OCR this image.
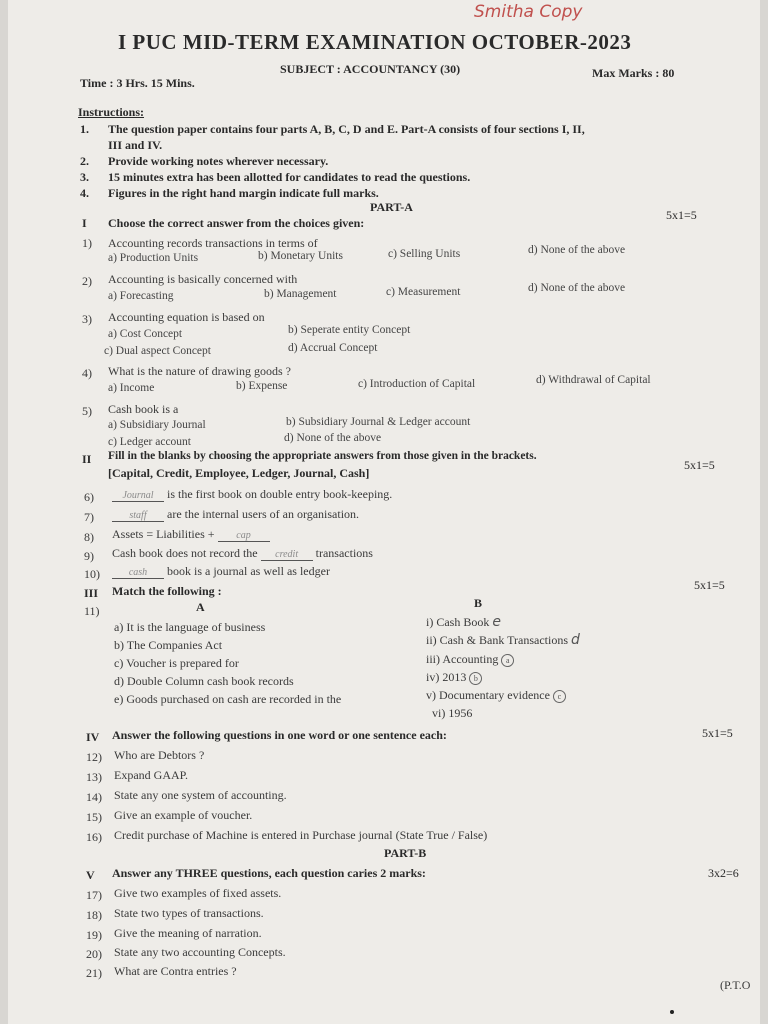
Smitha Copy
I PUC MID-TERM EXAMINATION OCTOBER-2023
SUBJECT : ACCOUNTANCY (30)
Time : 3 Hrs. 15 Mins.
Max Marks : 80
Instructions:
1. The question paper contains four parts A, B, C, D and E. Part-A consists of four sections I, II,
III and IV.
2. Provide working notes wherever necessary.
3. 15 minutes extra has been allotted for candidates to read the questions.
4. Figures in the right hand margin indicate full marks.
PART-A
I Choose the correct answer from the choices given:
5x1=5
1) Accounting records transactions in terms of
a) Production Units	b) Monetary Units	c) Selling Units	d) None of the above
2) Accounting is basically concerned with
a) Forecasting	b) Management	c) Measurement	d) None of the above
3) Accounting equation is based on
a) Cost Concept	b) Seperate entity Concept
c) Dual aspect Concept	d) Accrual Concept
4) What is the nature of drawing goods ?
a) Income	b) Expense	c) Introduction of Capital	d) Withdrawal of Capital
5) Cash book is a
a) Subsidiary Journal	b) Subsidiary Journal & Ledger account
c) Ledger account	d) None of the above
II Fill in the blanks by choosing the appropriate answers from those given in the brackets.
[Capital, Credit, Employee, Ledger, Journal, Cash]
5x1=5
6)	Journal is the first book on double entry book-keeping.
7)	staff are the internal users of an organisation.
8) Assets = Liabilities + cap
9) Cash book does not record the credit transactions
10)	cash book is a journal as well as ledger
III Match the following :	5x1=5
11)	A	B
a) It is the language of business
b) The Companies Act
c) Voucher is prepared for
d) Double Column cash book records
e) Goods purchased on cash are recorded in the
i) Cash Book e
ii) Cash & Bank Transactions d
iii) Accounting a
iv) 2013 b
v) Documentary evidence c
vi) 1956
IV Answer the following questions in one word or one sentence each:	5x1=5
12) Who are Debtors ?
13) Expand GAAP.
14) State any one system of accounting.
15) Give an example of voucher.
16) Credit purchase of Machine is entered in Purchase journal (State True / False)
PART-B
V Answer any THREE questions, each question caries 2 marks:	3x2=6
17) Give two examples of fixed assets.
18) State two types of transactions.
19) Give the meaning of narration.
20) State any two accounting Concepts.
21) What are Contra entries ?
(P.T.O
